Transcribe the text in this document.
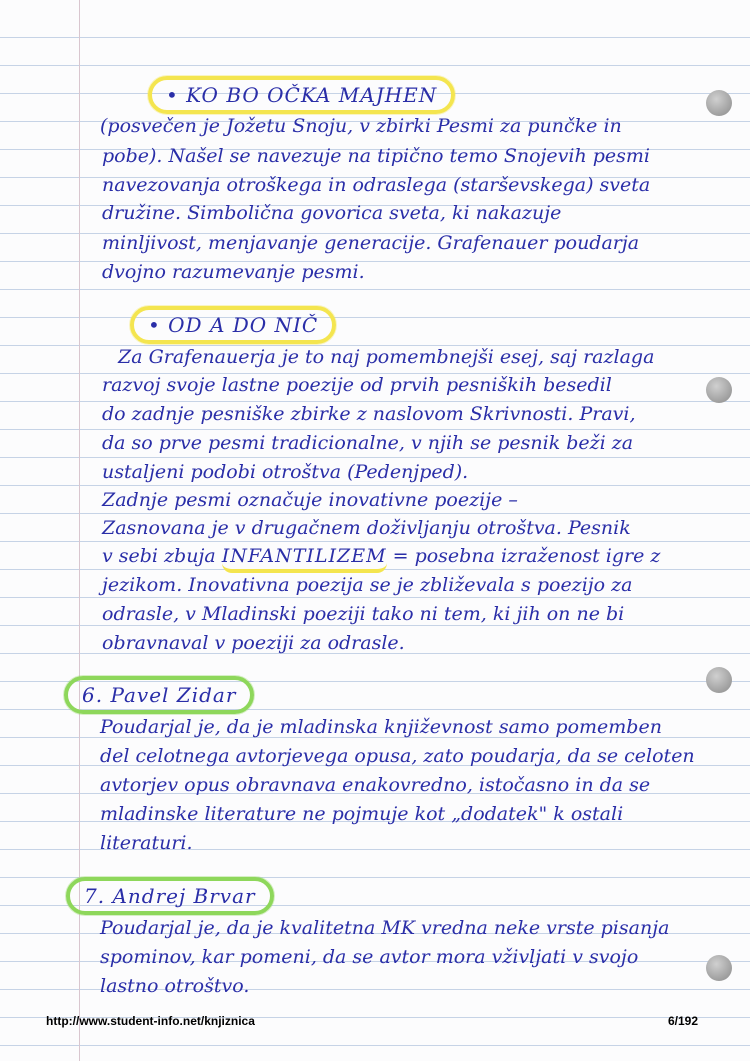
• KO BO OČKA MAJHEN
(posvečen je Jožetu Snoju, v zbirki Pesmi za punčke in
pobe). Našel se navezuje na tipično temo Snojevih pesmi
navezovanja otroškega in odraslega (starševskega) sveta
družine. Simbolična govorica sveta, ki nakazuje
minljivost, menjavanje generacije. Grafenauer poudarja
dvojno razumevanje pesmi.
• OD A DO NIČ
Za Grafenauerja je to naj pomembnejši esej, saj razlaga
razvoj svoje lastne poezije od prvih pesniških besedil
do zadnje pesniške zbirke z naslovom Skrivnosti. Pravi,
da so prve pesmi tradicionalne, v njih se pesnik beži za
ustaljeni podobi otroštva (Pedenjped).
Zadnje pesmi označuje inovativne poezije –
Zasnovana je v drugačnem doživljanju otroštva. Pesnik
v sebi zbuja INFANTILIZEM = posebna izraženost igre z
jezikom. Inovativna poezija se je zbliževala s poezijo za
odrasle, v Mladinski poeziji tako ni tem, ki jih on ne bi
obravnaval v poeziji za odrasle.
6. Pavel Zidar
Poudarjal je, da je mladinska književnost samo pomemben
del celotnega avtorjevega opusa, zato poudarja, da se celoten
avtorjev opus obravnava enakovredno, istočasno in da se
mladinske literature ne pojmuje kot „dodatek" k ostali
literaturi.
7. Andrej Brvar
Poudarjal je, da je kvalitetna MK vredna neke vrste pisanja
spominov, kar pomeni, da se avtor mora vživljati v svojo
lastno otroštvo.
http://www.student-info.net/knjiznica	6/192
